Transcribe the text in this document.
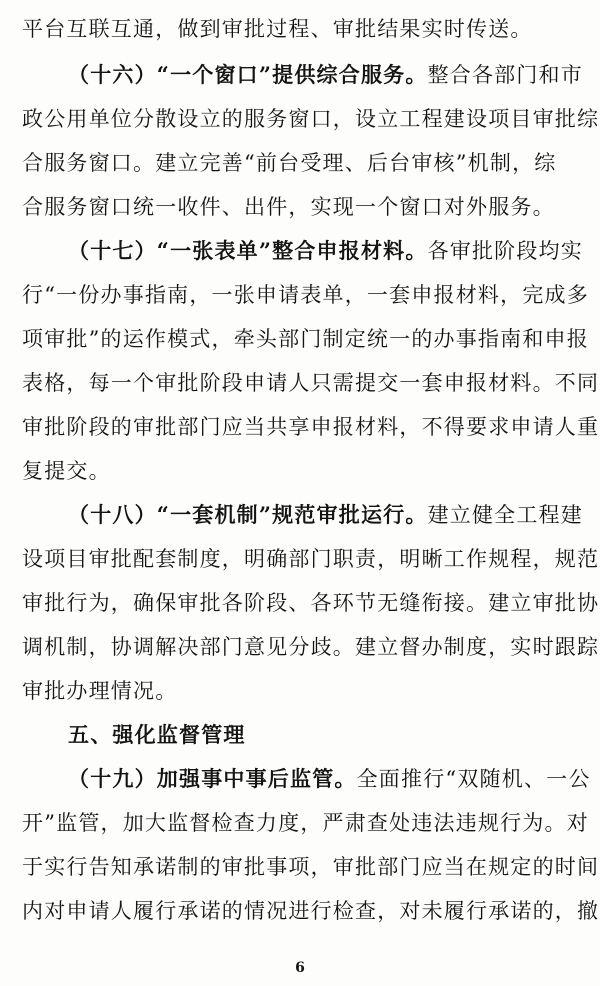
平台互联互通，做到审批过程、审批结果实时传送。
（十六）“一个窗口”提供综合服务。整合各部门和市
政公用单位分散设立的服务窗口，设立工程建设项目审批综
合服务窗口。建立完善“前台受理、后台审核”机制，综
合服务窗口统一收件、出件，实现一个窗口对外服务。
（十七）“一张表单”整合申报材料。各审批阶段均实
行“一份办事指南，一张申请表单，一套申报材料，完成多
项审批”的运作模式，牵头部门制定统一的办事指南和申报
表格，每一个审批阶段申请人只需提交一套申报材料。不同
审批阶段的审批部门应当共享申报材料，不得要求申请人重
复提交。
（十八）“一套机制”规范审批运行。建立健全工程建
设项目审批配套制度，明确部门职责，明晰工作规程，规范
审批行为，确保审批各阶段、各环节无缝衔接。建立审批协
调机制，协调解决部门意见分歧。建立督办制度，实时跟踪
审批办理情况。
五、强化监督管理
（十九）加强事中事后监管。全面推行“双随机、一公
开”监管，加大监督检查力度，严肃查处违法违规行为。对
于实行告知承诺制的审批事项，审批部门应当在规定的时间
内对申请人履行承诺的情况进行检查，对未履行承诺的，撤
6
